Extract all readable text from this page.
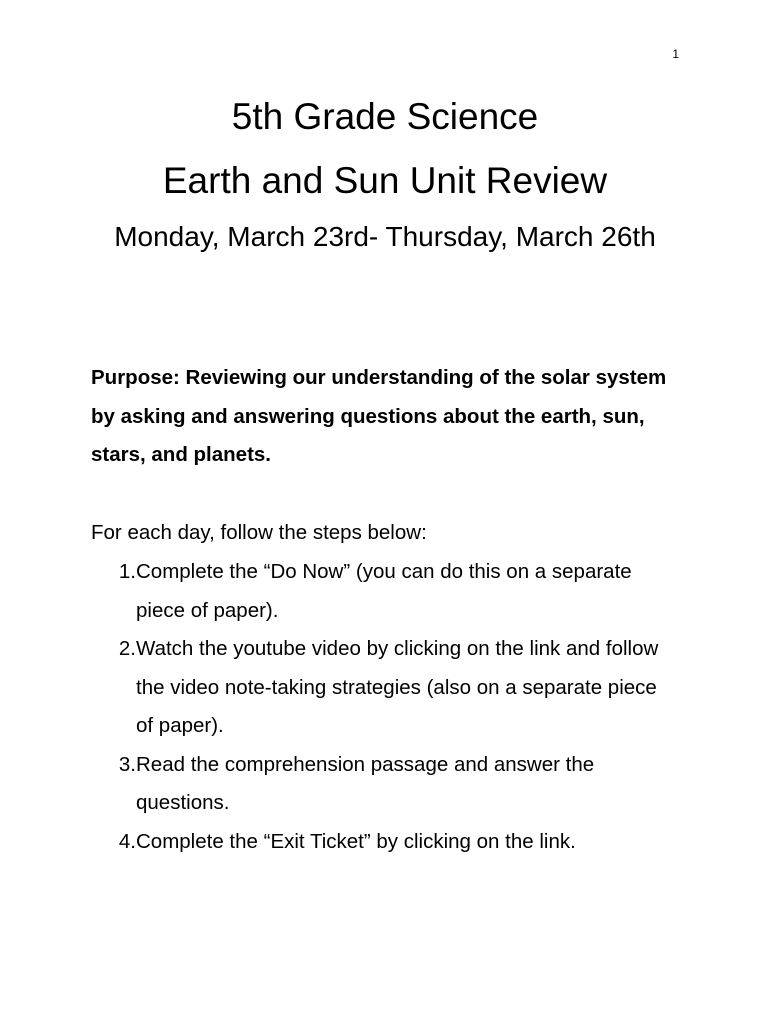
1
5th Grade Science
Earth and Sun Unit Review
Monday, March 23rd- Thursday, March 26th

Purpose: Reviewing our understanding of the solar system by asking and answering questions about the earth, sun, stars, and planets.

For each day, follow the steps below:

1. Complete the “Do Now” (you can do this on a separate piece of paper).
2. Watch the youtube video by clicking on the link and follow the video note-taking strategies (also on a separate piece of paper).
3. Read the comprehension passage and answer the questions.
4. Complete the “Exit Ticket” by clicking on the link.
